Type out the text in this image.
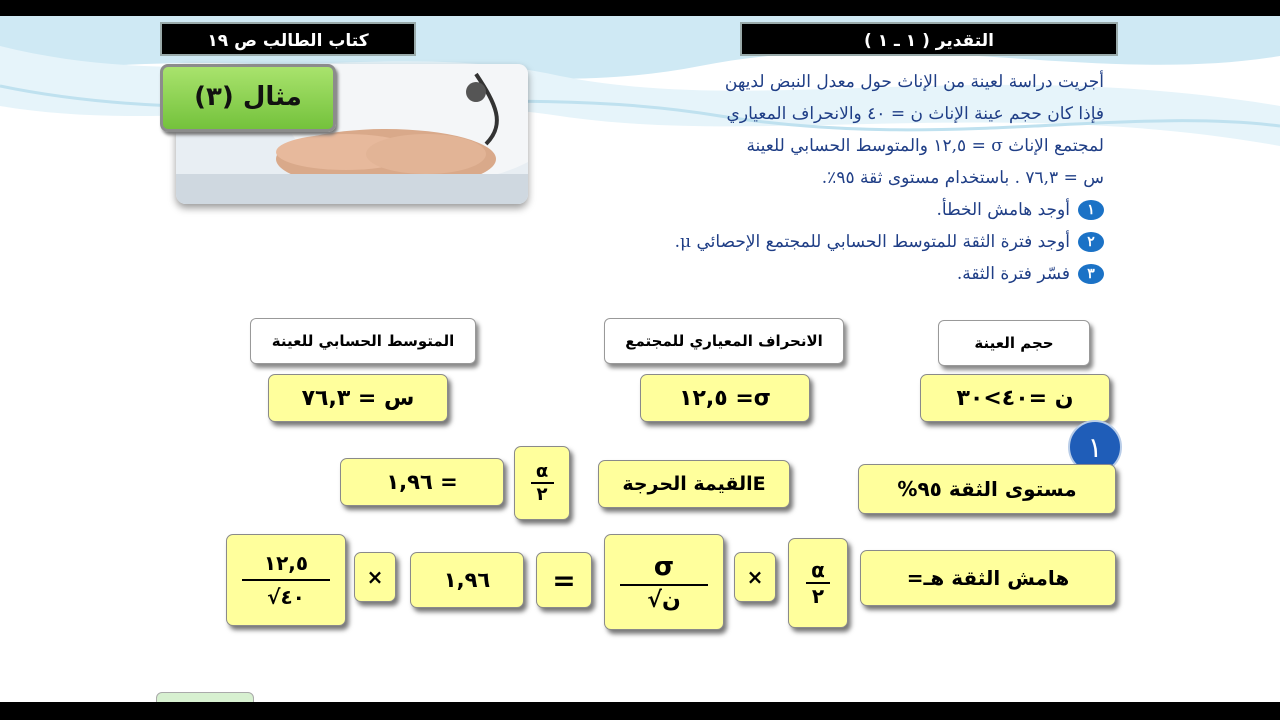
كتاب الطالب ص ١٩	( ١ ـ ١ ) التقدير
مثال (٣)	أجريت دراسة لعينة من الإناث حول معدل النبض لديهن
فإذا كان حجم عينة الإناث ن = ٤٠ والانحراف المعياري
لمجتمع الإناث σ = ١٢,٥ والمتوسط الحسابي للعينة
س = ٧٦,٣ . باستخدام مستوى ثقة ٩٥٪.
١
أوجد هامش الخطأ.
٢
أوجد فترة الثقة للمتوسط الحسابي للمجتمع الإحصائي μ.
٣
فسّر فترة الثقة.
المتوسط الحسابي للعينة	الانحراف المعياري للمجتمع	حجم العينة
س = ٧٦,٣	σ= ١٢,٥	ن =٤٠>٣٠
١
= ١,٩٦	α
٢	Eالقيمة الحرجة	مستوى الثقة ٩٥%
١٢,٥
٤٠√
×	١,٩٦	=	σ
ن√
×	α
٢
هامش الثقة هـ=
